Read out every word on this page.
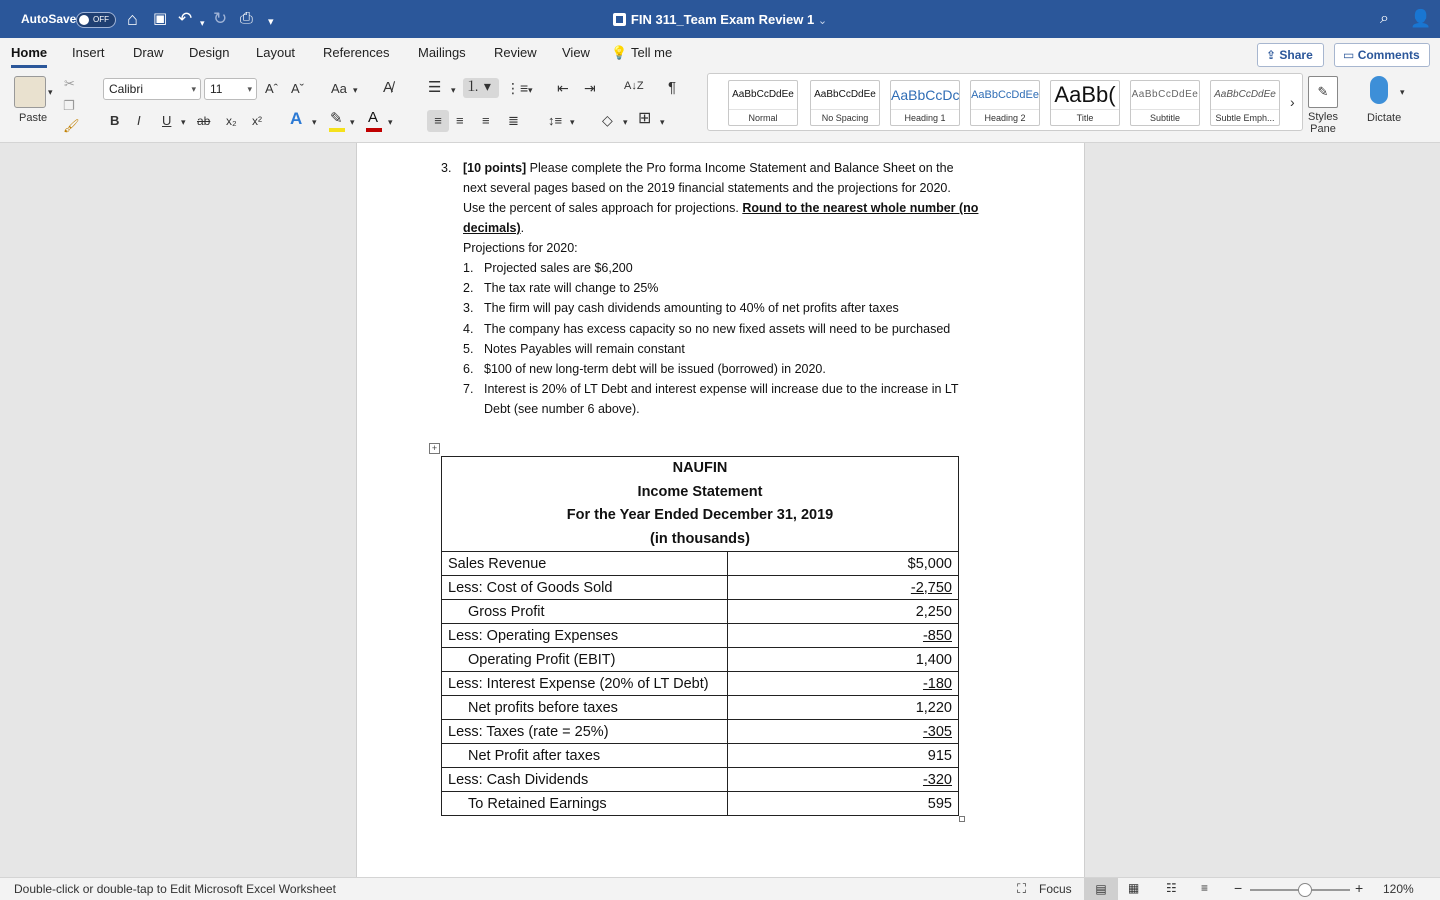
AutoSave OFF ⌂ ▣ ↶ ▾ ↻ ⎙ ▾	FIN 311_Team Exam Review 1 ⌄	⌕ 👤
Home Insert Draw Design Layout References Mailings Review View 💡 Tell me	⇪ Share	▭ Comments
▾
Paste
✂
❐
🖌
Calibri	▾	11	▾ Aˆ Aˇ Aa ▾ A̸
B I U ▾ ab x₂ x² A ▾ ✎ ▾ A ▾
☰ ▾ ⒈ ▾	⋮≡ ▾ ⇤ ⇥	A↓Z ¶
≡	≡ ≡ ≣ ↕≡ ▾ ◇ ▾ ⊞ ▾
AaBbCcDdEe
Normal
AaBbCcDdEe
No Spacing
AaBbCcDc
Heading 1
AaBbCcDdEe
Heading 2
AaBb(
Title
AaBbCcDdEe
Subtitle
AaBbCcDdEe
Subtle Emph...
›
✎
Styles Pane
▾
Dictate
3. [10 points] Please complete the Pro forma Income Statement and Balance Sheet on the
next several pages based on the 2019 financial statements and the projections for 2020.
Use the percent of sales approach for projections. Round to the nearest whole number (no
decimals).
Projections for 2020:
1. Projected sales are $6,200
2. The tax rate will change to 25%
3. The firm will pay cash dividends amounting to 40% of net profits after taxes
4. The company has excess capacity so no new fixed assets will need to be purchased
5. Notes Payables will remain constant
6. $100 of new long-term debt will be issued (borrowed) in 2020.
7. Interest is 20% of LT Debt and interest expense will increase due to the increase in LT
Debt (see number 6 above).
+
NAUFIN
Income Statement
For the Year Ended December 31, 2019
(in thousands)	

Sales Revenue	$5,000
Less: Cost of Goods Sold	-2,750
Gross Profit	2,250
Less: Operating Expenses	-850
Operating Profit (EBIT)	1,400
Less: Interest Expense (20% of LT Debt)	-180
Net profits before taxes	1,220
Less: Taxes (rate = 25%)	-305
Net Profit after taxes	915
Less: Cash Dividends	-320
To Retained Earnings	595
Double-click or double-tap to Edit Microsoft Excel Worksheet	⛶ Focus	▤	▦ ☷ ≡ −	+ 120%
